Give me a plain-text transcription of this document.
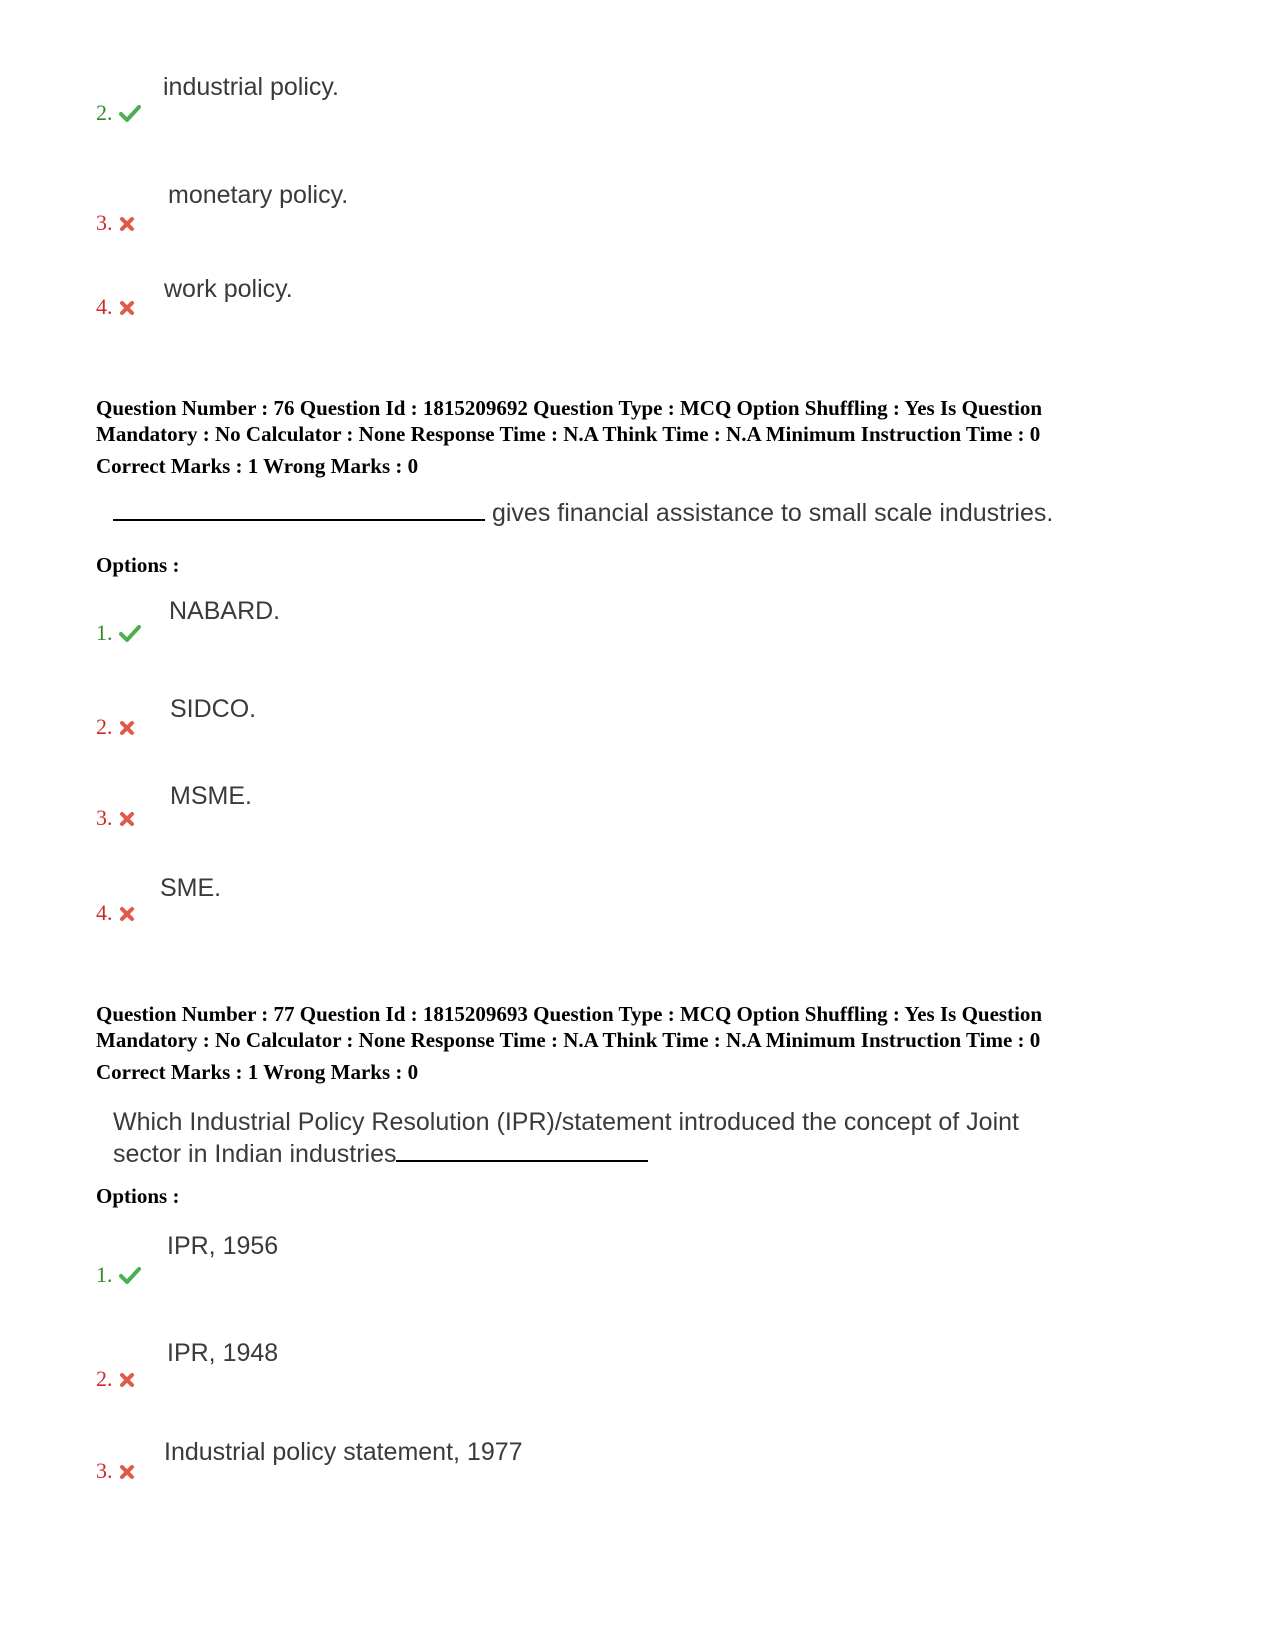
industrial policy.
2.
monetary policy.
3.
work policy.
4.
Question Number : 76 Question Id : 1815209692 Question Type : MCQ Option Shuffling : Yes Is Question
Mandatory : No Calculator : None Response Time : N.A Think Time : N.A Minimum Instruction Time : 0
Correct Marks : 1 Wrong Marks : 0
gives financial assistance to small scale industries.
Options :
NABARD.
1.
SIDCO.
2.
MSME.
3.
SME.
4.
Question Number : 77 Question Id : 1815209693 Question Type : MCQ Option Shuffling : Yes Is Question
Mandatory : No Calculator : None Response Time : N.A Think Time : N.A Minimum Instruction Time : 0
Correct Marks : 1 Wrong Marks : 0
Which Industrial Policy Resolution (IPR)/statement introduced the concept of Joint
sector in Indian industries
Options :
IPR, 1956
1.
IPR, 1948
2.
Industrial policy statement, 1977
3.
